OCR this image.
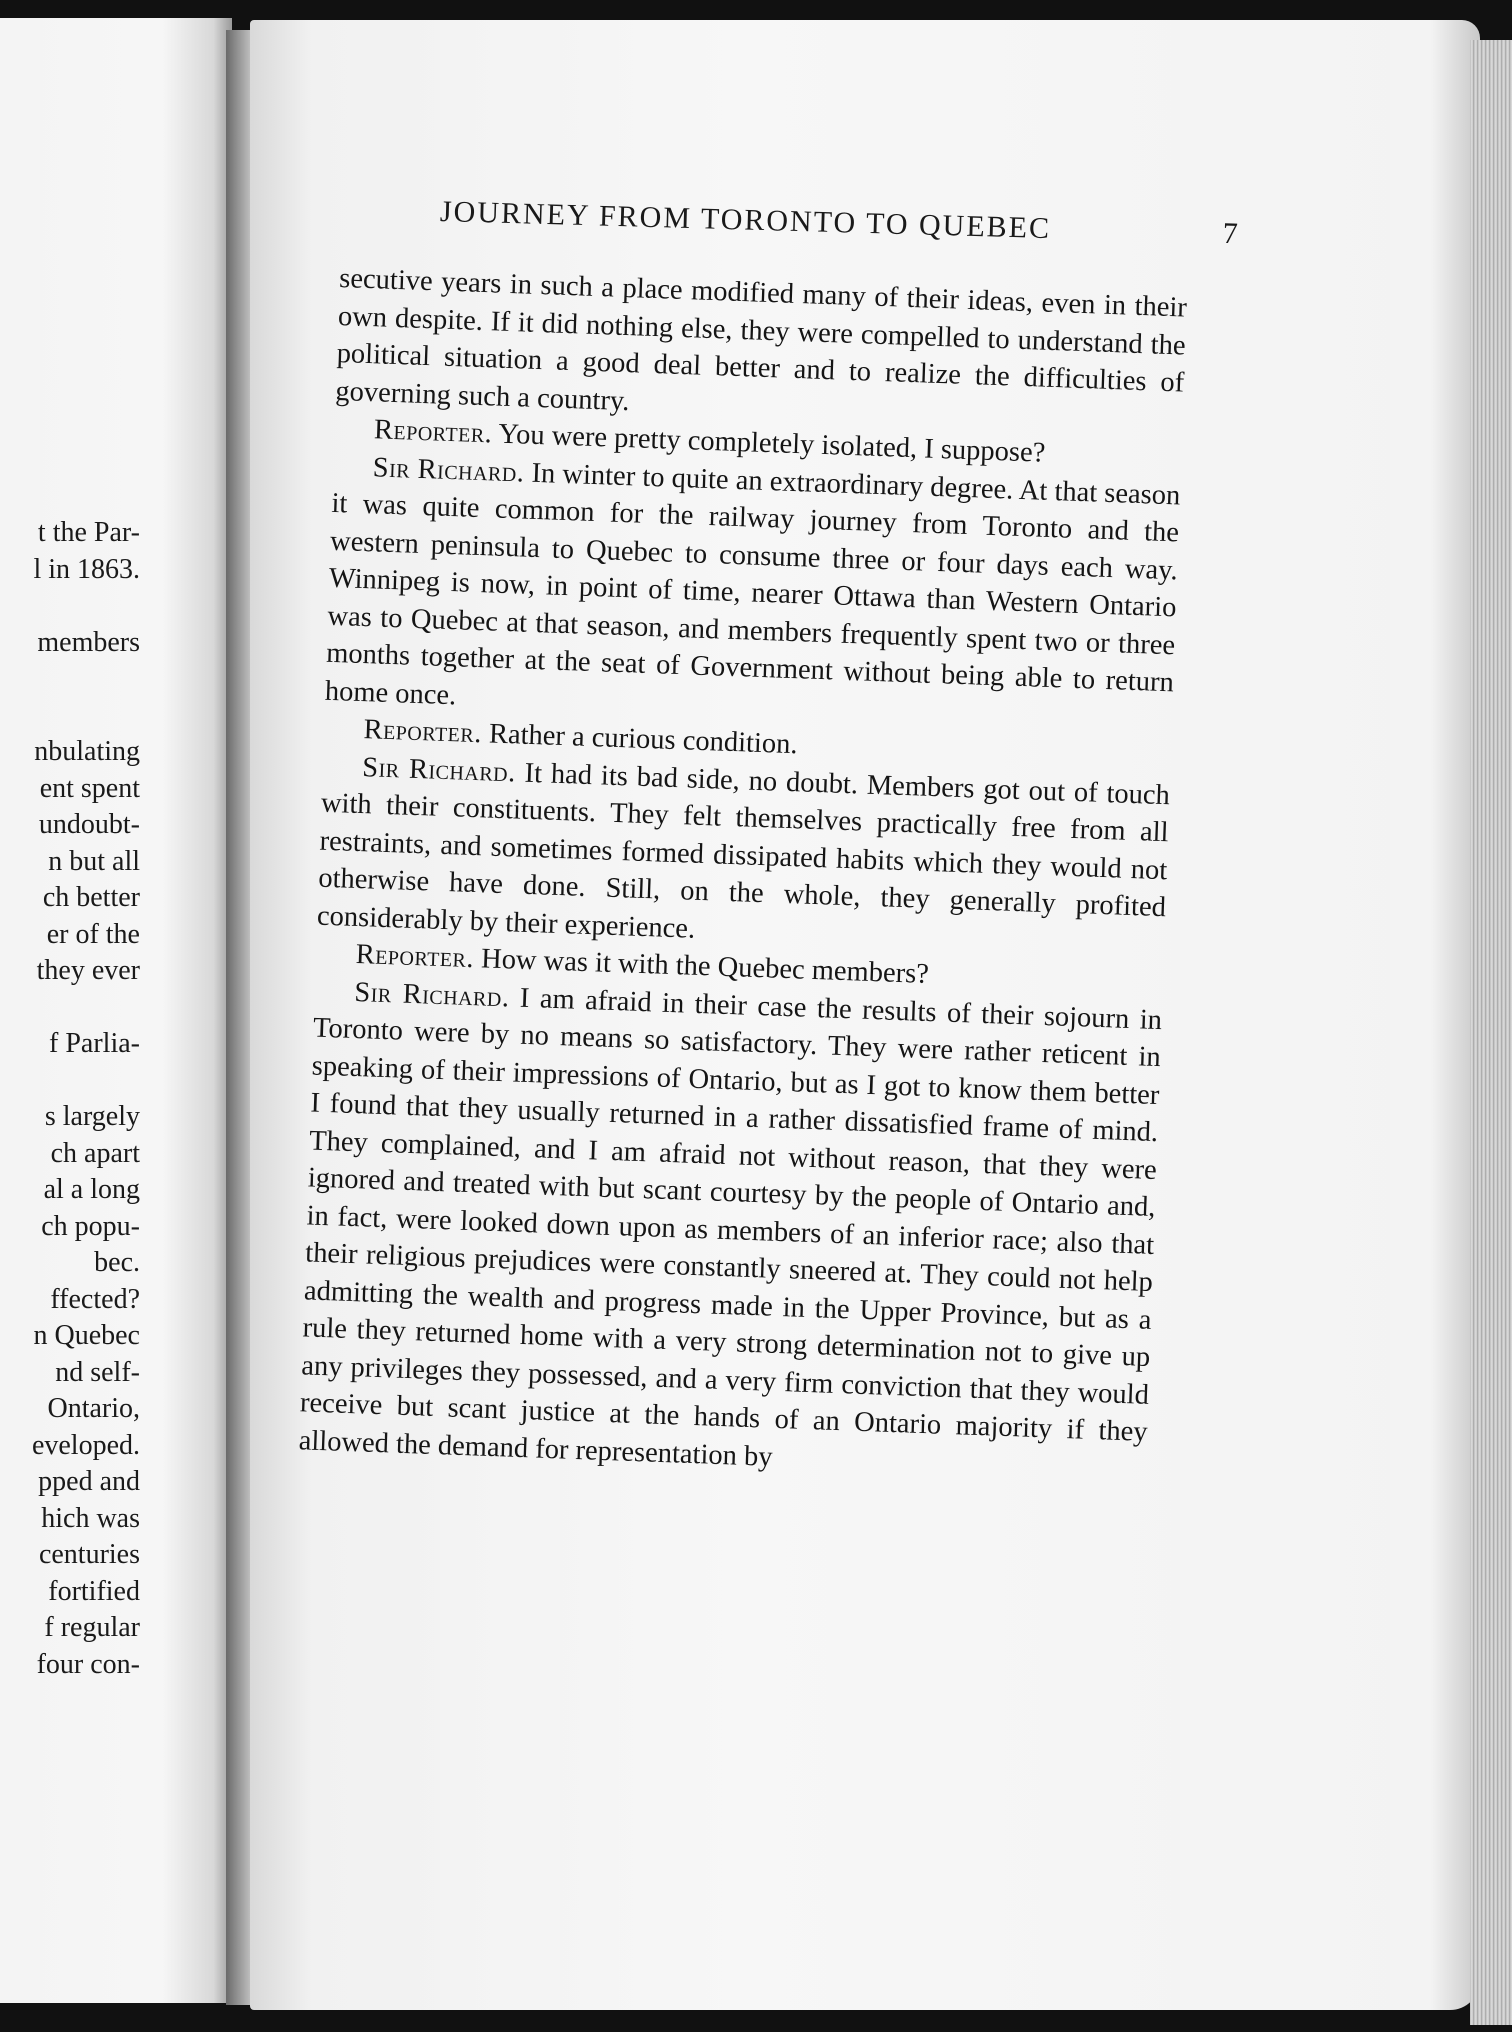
t the Par-
l in 1863.
members
nbulating
ent spent
undoubt-
n but all
ch better
er of the
they ever
f Parlia-
s largely
ch apart
al a long
ch popu-
bec.
ffected?
n Quebec
nd self-
Ontario,
eveloped.
pped and
hich was
centuries
fortified
f regular
four con-
JOURNEY FROM TORONTO TO QUEBEC	7

secutive years in such a place modified many of their ideas, even in their own despite. If it did nothing else, they were compelled to understand the political situation a good deal better and to realize the difficulties of governing such a country.

Reporter. You were pretty completely isolated, I suppose?

Sir Richard. In winter to quite an extraordinary degree. At that season it was quite common for the railway journey from Toronto and the western peninsula to Quebec to consume three or four days each way. Winnipeg is now, in point of time, nearer Ottawa than Western Ontario was to Quebec at that season, and members frequently spent two or three months together at the seat of Government without being able to return home once.

Reporter. Rather a curious condition.

Sir Richard. It had its bad side, no doubt. Members got out of touch with their constituents. They felt themselves practically free from all restraints, and sometimes formed dissipated habits which they would not otherwise have done. Still, on the whole, they generally profited considerably by their experience.

Reporter. How was it with the Quebec members?

Sir Richard. I am afraid in their case the results of their sojourn in Toronto were by no means so satisfactory. They were rather reticent in speaking of their impressions of Ontario, but as I got to know them better I found that they usually returned in a rather dissatisfied frame of mind. They complained, and I am afraid not without reason, that they were ignored and treated with but scant courtesy by the people of Ontario and, in fact, were looked down upon as members of an inferior race; also that their religious prejudices were constantly sneered at. They could not help admitting the wealth and progress made in the Upper Province, but as a rule they returned home with a very strong determination not to give up any privileges they possessed, and a very firm conviction that they would receive but scant justice at the hands of an Ontario majority if they allowed the demand for representation by
